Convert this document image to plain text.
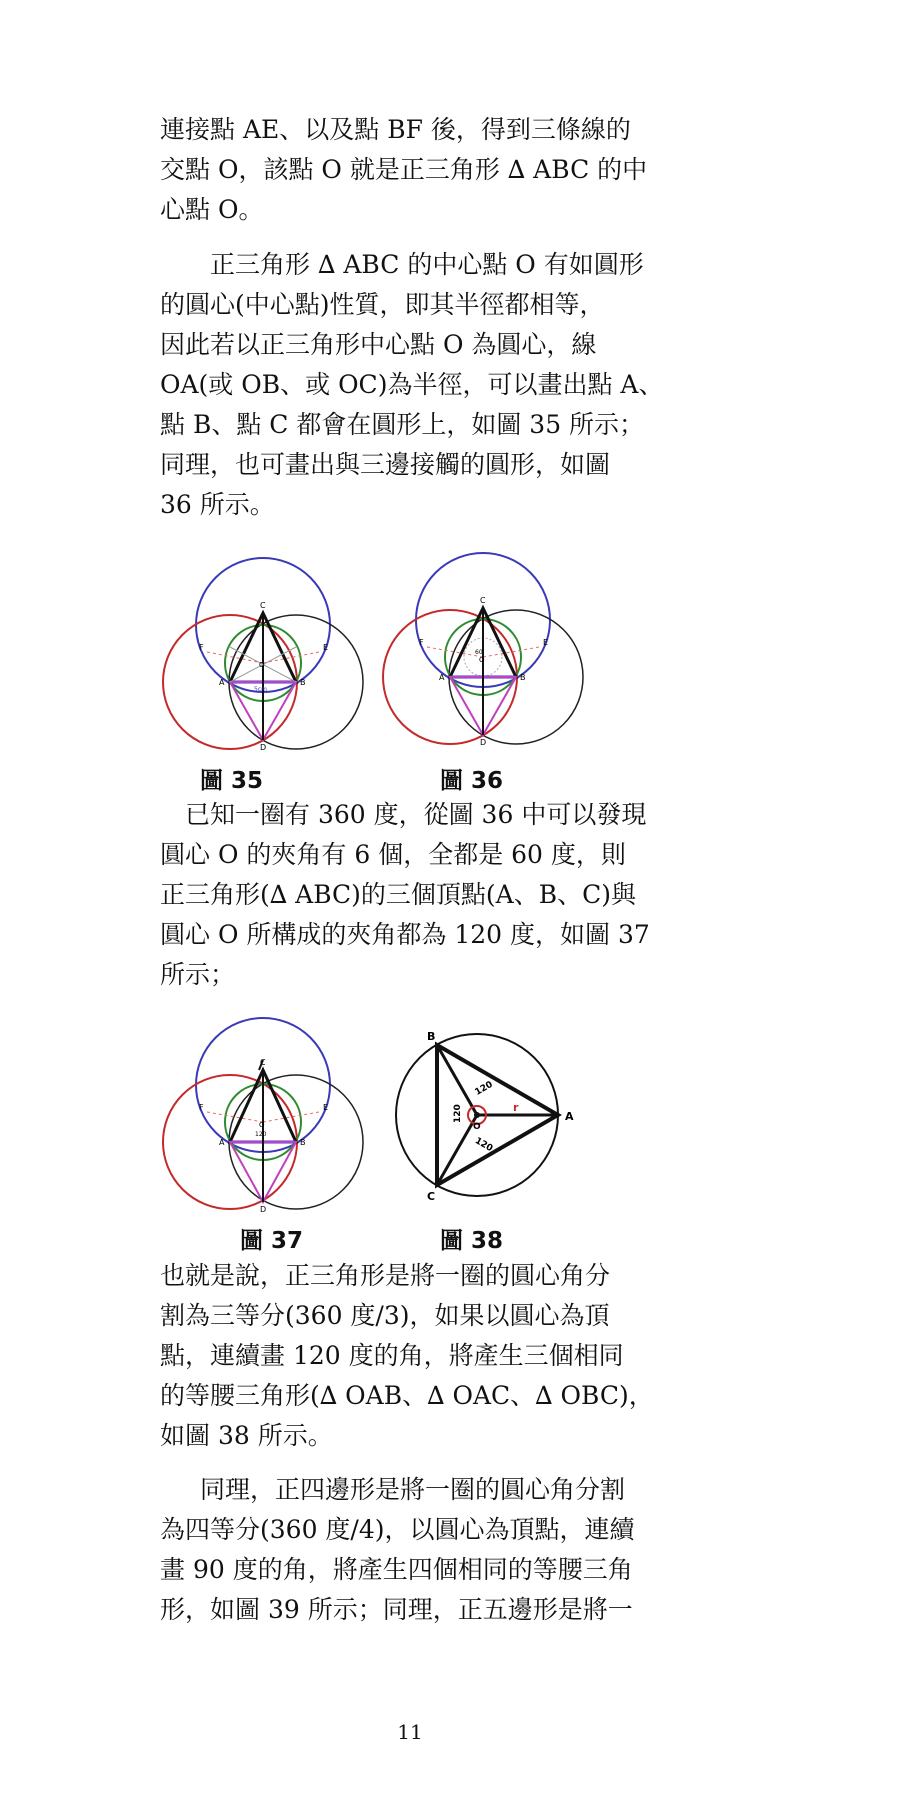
連接點 AE、以及點 BF 後，得到三條線的
交點 O，該點 O 就是正三角形 ∆ ABC 的中
心點 O。
正三角形 ∆ ABC 的中心點 O 有如圓形
的圓心(中心點)性質，即其半徑都相等，
因此若以正三角形中心點 O 為圓心，線
OA(或 OB、或 OC)為半徑，可以畫出點 A、
點 B、點 C 都會在圓形上，如圖 35 所示；
同理，也可畫出與三邊接觸的圓形，如圖
36 所示。
C
A	B
D
F	E
O
5cm
C
A	B
D
F	E
60
O
圖 35	圖 36
已知一圈有 360 度，從圖 36 中可以發現
圓心 O 的夾角有 6 個，全都是 60 度，則
正三角形(∆ ABC)的三個頂點(A、B、C)與
圓心 O 所構成的夾角都為 120 度，如圖 37
所示；
C
A	B
D
F	E
120
O
B
A
C
O
r
120
120
120
圖 37	圖 38
也就是說，正三角形是將一圈的圓心角分
割為三等分(360 度/3)，如果以圓心為頂
點，連續畫 120 度的角，將產生三個相同
的等腰三角形(∆ OAB、∆ OAC、∆ OBC)，
如圖 38 所示。
同理，正四邊形是將一圈的圓心角分割
為四等分(360 度/4)，以圓心為頂點，連續
畫 90 度的角，將產生四個相同的等腰三角
形，如圖 39 所示；同理，正五邊形是將一
11
